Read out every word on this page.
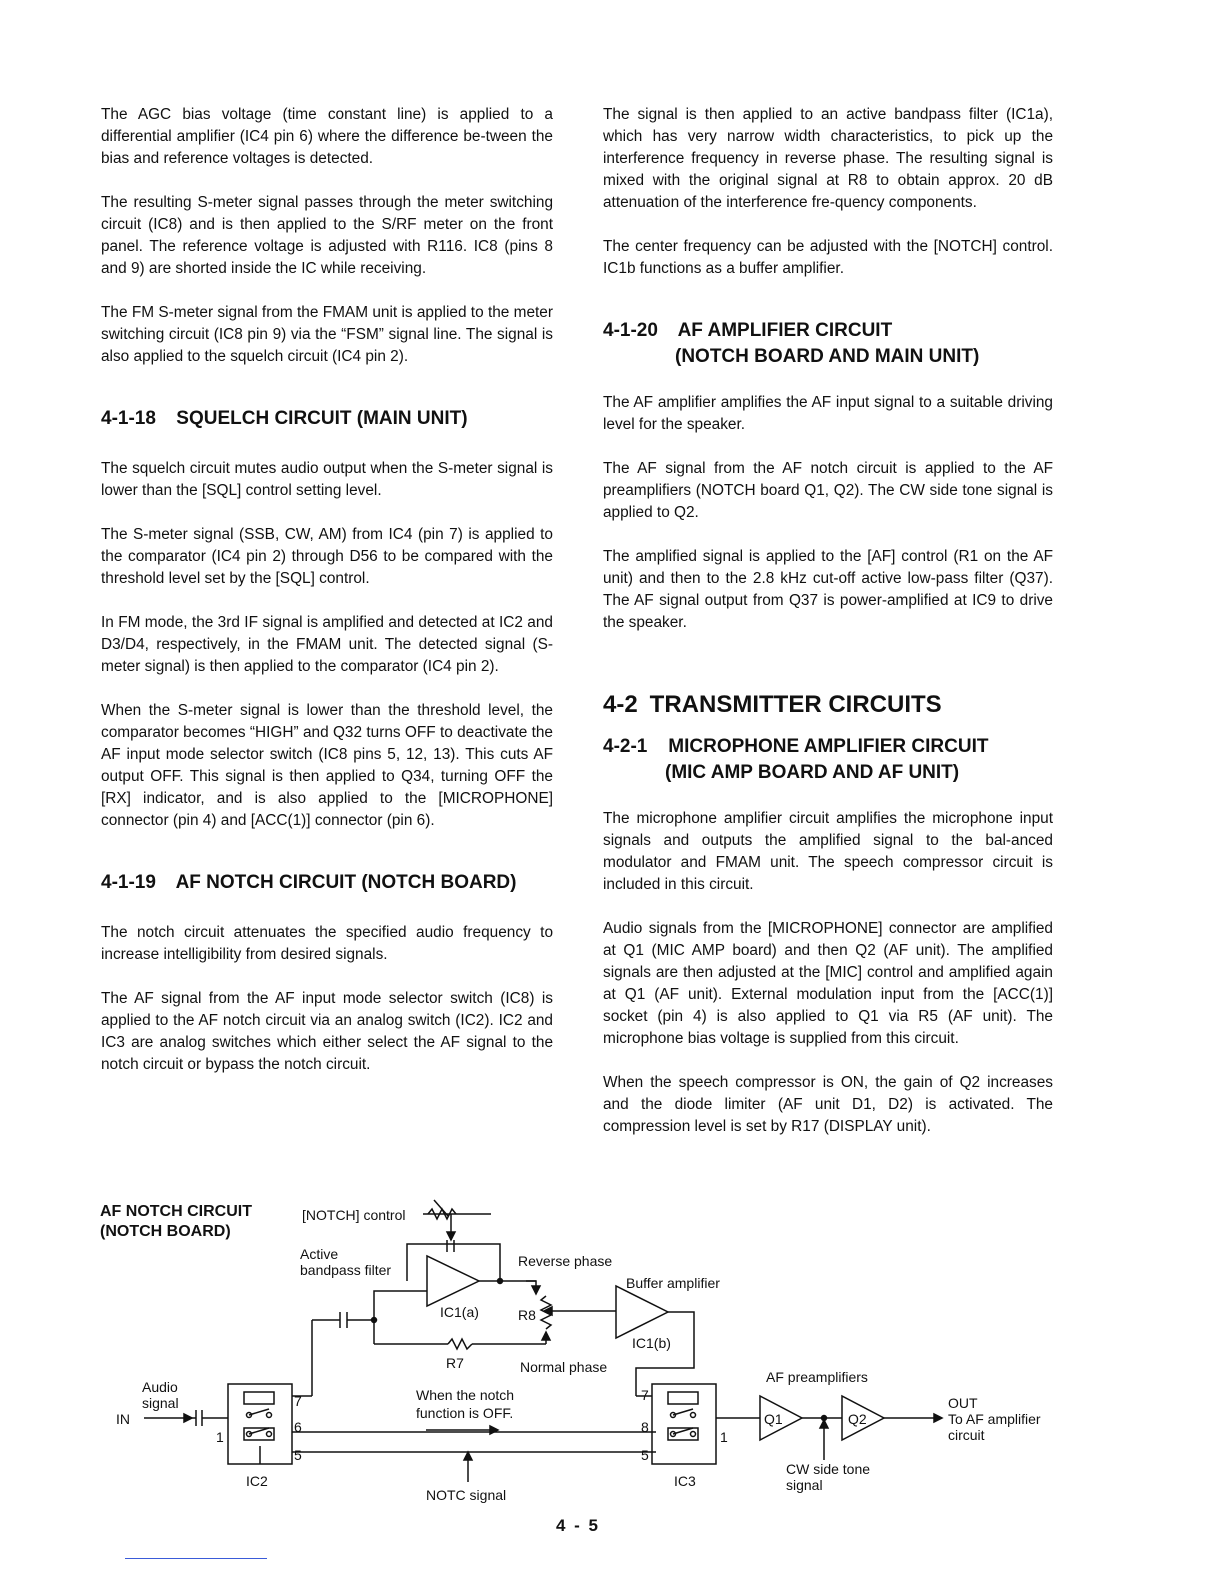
The AGC bias voltage (time constant line) is applied to a differential amplifier (IC4 pin 6) where the difference be-tween the bias and reference voltages is detected.

The resulting S-meter signal passes through the meter switching circuit (IC8) and is then applied to the S/RF meter on the front panel. The reference voltage is adjusted with R116. IC8 (pins 8 and 9) are shorted inside the IC while receiving.

The FM S-meter signal from the FMAM unit is applied to the meter switching circuit (IC8 pin 9) via the “FSM” signal line. The signal is also applied to the squelch circuit (IC4 pin 2).

4-1-18 SQUELCH CIRCUIT (MAIN UNIT)

The squelch circuit mutes audio output when the S-meter signal is lower than the [SQL] control setting level.

The S-meter signal (SSB, CW, AM) from IC4 (pin 7) is applied to the comparator (IC4 pin 2) through D56 to be compared with the threshold level set by the [SQL] control.

In FM mode, the 3rd IF signal is amplified and detected at IC2 and D3/D4, respectively, in the FMAM unit. The detected signal (S-meter signal) is then applied to the comparator (IC4 pin 2).

When the S-meter signal is lower than the threshold level, the comparator becomes “HIGH” and Q32 turns OFF to deactivate the AF input mode selector switch (IC8 pins 5, 12, 13). This cuts AF output OFF. This signal is then applied to Q34, turning OFF the [RX] indicator, and is also applied to the [MICROPHONE] connector (pin 4) and [ACC(1)] connector (pin 6).

4-1-19 AF NOTCH CIRCUIT (NOTCH BOARD)

The notch circuit attenuates the specified audio frequency to increase intelligibility from desired signals.

The AF signal from the AF input mode selector switch (IC8) is applied to the AF notch circuit via an analog switch (IC2). IC2 and IC3 are analog switches which either select the AF signal to the notch circuit or bypass the notch circuit.

The signal is then applied to an active bandpass filter (IC1a), which has very narrow width characteristics, to pick up the interference frequency in reverse phase. The resulting signal is mixed with the original signal at R8 to obtain approx. 20 dB attenuation of the interference fre-quency components.

The center frequency can be adjusted with the [NOTCH] control. IC1b functions as a buffer amplifier.

4-1-20 AF AMPLIFIER CIRCUIT
(NOTCH BOARD AND MAIN UNIT)

The AF amplifier amplifies the AF input signal to a suitable driving level for the speaker.

The AF signal from the AF notch circuit is applied to the AF preamplifiers (NOTCH board Q1, Q2). The CW side tone signal is applied to Q2.

The amplified signal is applied to the [AF] control (R1 on the AF unit) and then to the 2.8 kHz cut-off active low-pass filter (Q37). The AF signal output from Q37 is power-amplified at IC9 to drive the speaker.

4-2 TRANSMITTER CIRCUITS
4-2-1 MICROPHONE AMPLIFIER CIRCUIT
(MIC AMP BOARD AND AF UNIT)

The microphone amplifier circuit amplifies the microphone input signals and outputs the amplified signal to the bal-anced modulator and FMAM unit. The speech compressor circuit is included in this circuit.

Audio signals from the [MICROPHONE] connector are amplified at Q1 (MIC AMP board) and then Q2 (AF unit). The amplified signals are then adjusted at the [MIC] control and amplified again at Q1 (AF unit). External modulation input from the [ACC(1)] socket (pin 4) is also applied to Q1 via R5 (AF unit). The microphone bias voltage is supplied from this circuit.

When the speech compressor is ON, the gain of Q2 increases and the diode limiter (AF unit D1, D2) is activated. The compression level is set by R17 (DISPLAY unit).

AF NOTCH CIRCUIT
(NOTCH BOARD)
[NOTCH] control
Active
bandpass filter
Reverse phase
Buffer amplifier
IC1(a)	R8
IC1(b)
R7	Normal phase
AF preamplifiers
Audio
signal
IN
When the notch
function is OFF.
7
6
5
1
IC2
7
8
5
1
IC3
NOTC signal
Q1	Q2
OUT
To AF amplifier
circuit
CW side tone
signal
4 - 5
